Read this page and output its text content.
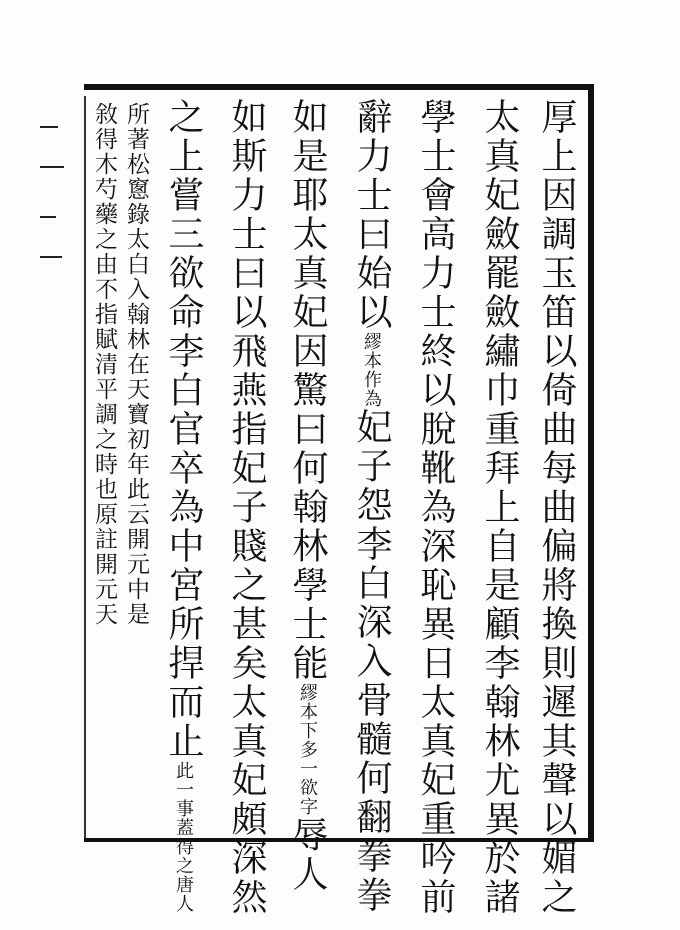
厚上因調玉笛以倚曲每曲偏將換則遲其聲以媚之
太真妃斂罷斂繡巾重拜上自是顧李翰林尤異於諸
學士會高力士終以脫靴為深恥異日太真妃重吟前
辭力士曰始以繆本作為妃子怨李白深入骨髓何翻拳拳
如是耶太真妃因驚曰何翰林學士能繆本下多一欲字辱人
如斯力士曰以飛燕指妃子賤之甚矣太真妃頗深然
之上嘗三欲命李白官卒為中宮所捍而止此一事蓋得之唐人
所著松窻錄太白入翰林在天寶初年此云開元中是
敘得木芍藥之由不指賦清平調之時也原註開元天
